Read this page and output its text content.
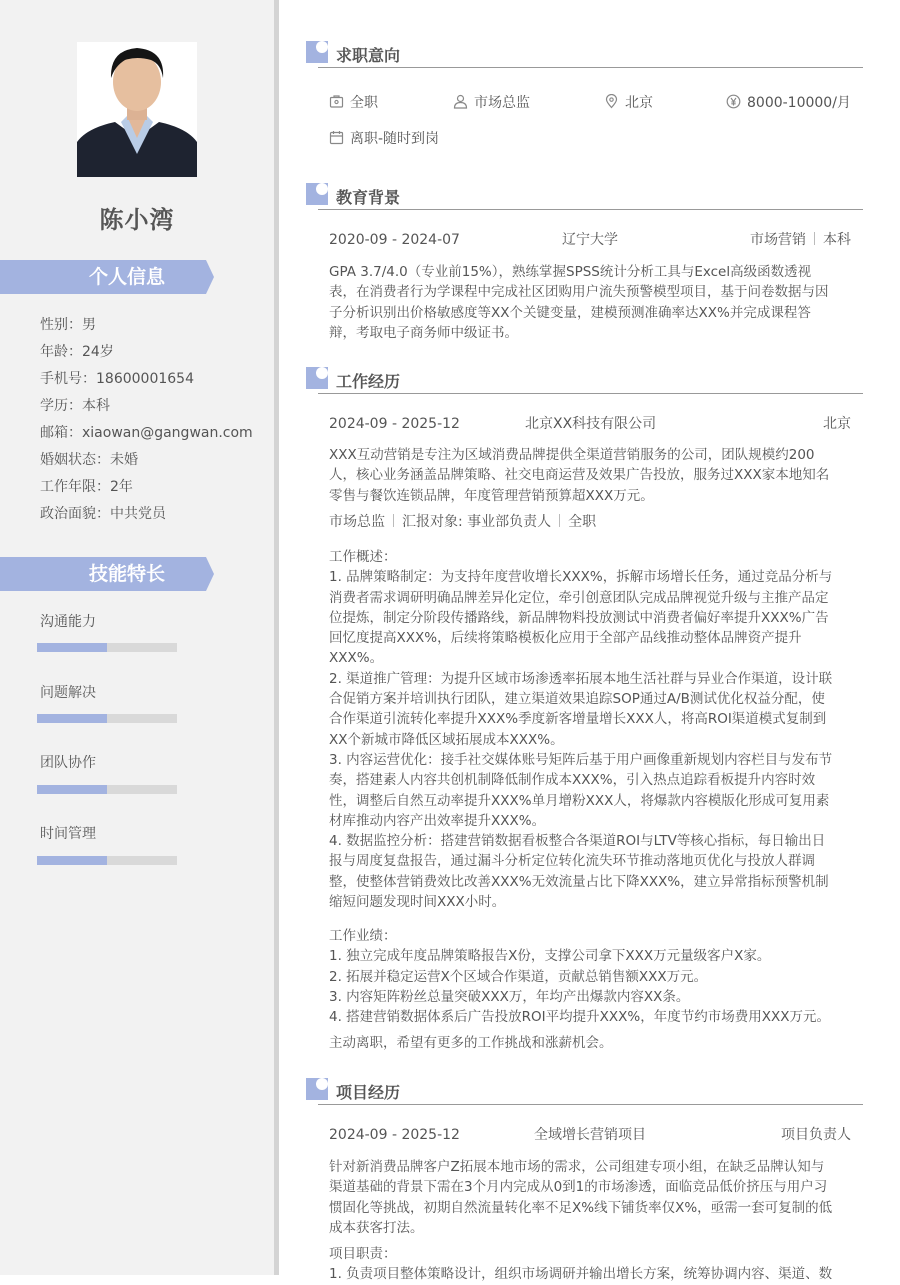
陈小湾
个人信息
性别：男
年龄：24岁
手机号：18600001654
学历：本科
邮箱：xiaowan@gangwan.com
婚姻状态：未婚
工作年限：2年
政治面貌：中共党员
技能特长
沟通能力
问题解决
团队协作
时间管理
求职意向
全职	市场总监	北京	8000-10000/月
离职-随时到岗
教育背景
2020-09 - 2024-07	辽宁大学	市场营销 本科
GPA 3.7/4.0（专业前15%），熟练掌握SPSS统计分析工具与Excel高级函数透视
表，在消费者行为学课程中完成社区团购用户流失预警模型项目，基于问卷数据与因
子分析识别出价格敏感度等XX个关键变量，建模预测准确率达XX%并完成课程答
辩，考取电子商务师中级证书。
工作经历
2024-09 - 2025-12	北京XX科技有限公司	北京
XXX互动营销是专注为区域消费品牌提供全渠道营销服务的公司，团队规模约200
人，核心业务涵盖品牌策略、社交电商运营及效果广告投放，服务过XXX家本地知名
零售与餐饮连锁品牌，年度管理营销预算超XXX万元。
市场总监 汇报对象: 事业部负责人 全职
工作概述：
1. 品牌策略制定：为支持年度营收增长XXX%，拆解市场增长任务，通过竞品分析与
消费者需求调研明确品牌差异化定位，牵引创意团队完成品牌视觉升级与主推产品定
位提炼，制定分阶段传播路线，新品牌物料投放测试中消费者偏好率提升XXX%广告
回忆度提高XXX%，后续将策略模板化应用于全部产品线推动整体品牌资产提升
XXX%。
2. 渠道推广管理：为提升区域市场渗透率拓展本地生活社群与异业合作渠道，设计联
合促销方案并培训执行团队，建立渠道效果追踪SOP通过A/B测试优化权益分配，使
合作渠道引流转化率提升XXX%季度新客增量增长XXX人，将高ROI渠道模式复制到
XX个新城市降低区域拓展成本XXX%。
3. 内容运营优化：接手社交媒体账号矩阵后基于用户画像重新规划内容栏目与发布节
奏，搭建素人内容共创机制降低制作成本XXX%，引入热点追踪看板提升内容时效
性，调整后自然互动率提升XXX%单月增粉XXX人，将爆款内容模版化形成可复用素
材库推动内容产出效率提升XXX%。
4. 数据监控分析：搭建营销数据看板整合各渠道ROI与LTV等核心指标，每日输出日
报与周度复盘报告，通过漏斗分析定位转化流失环节推动落地页优化与投放人群调
整，使整体营销费效比改善XXX%无效流量占比下降XXX%，建立异常指标预警机制
缩短问题发现时间XXX小时。
工作业绩：
1. 独立完成年度品牌策略报告X份，支撑公司拿下XXX万元量级客户X家。
2. 拓展并稳定运营X个区域合作渠道，贡献总销售额XXX万元。
3. 内容矩阵粉丝总量突破XXX万，年均产出爆款内容XX条。
4. 搭建营销数据体系后广告投放ROI平均提升XXX%，年度节约市场费用XXX万元。
主动离职，希望有更多的工作挑战和涨薪机会。
项目经历
2024-09 - 2025-12	全域增长营销项目	项目负责人
针对新消费品牌客户Z拓展本地市场的需求，公司组建专项小组，在缺乏品牌认知与
渠道基础的背景下需在3个月内完成从0到1的市场渗透，面临竞品低价挤压与用户习
惯固化等挑战，初期自然流量转化率不足X%线下铺货率仅X%，亟需一套可复制的低
成本获客打法。
项目职责：
1. 负责项目整体策略设计，组织市场调研并输出增长方案，统筹协调内容、渠道、数
